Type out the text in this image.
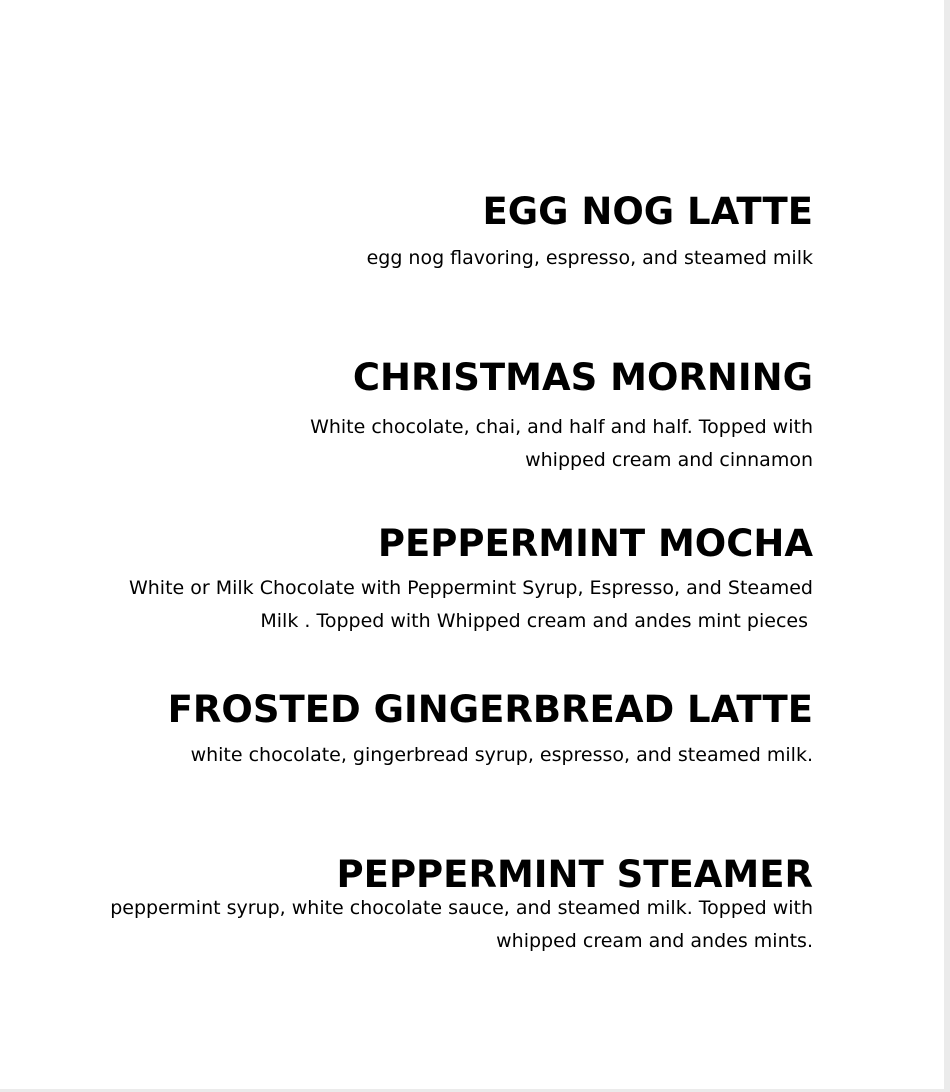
EGG NOG LATTE

egg nog flavoring, espresso, and steamed milk

CHRISTMAS MORNING

White chocolate, chai, and half and half. Topped with
whipped cream and cinnamon

PEPPERMINT MOCHA

White or Milk Chocolate with Peppermint Syrup, Espresso, and Steamed
Milk . Topped with Whipped cream and andes mint pieces

FROSTED GINGERBREAD LATTE

white chocolate, gingerbread syrup, espresso, and steamed milk.

PEPPERMINT STEAMER

peppermint syrup, white chocolate sauce, and steamed milk. Topped with
whipped cream and andes mints.
